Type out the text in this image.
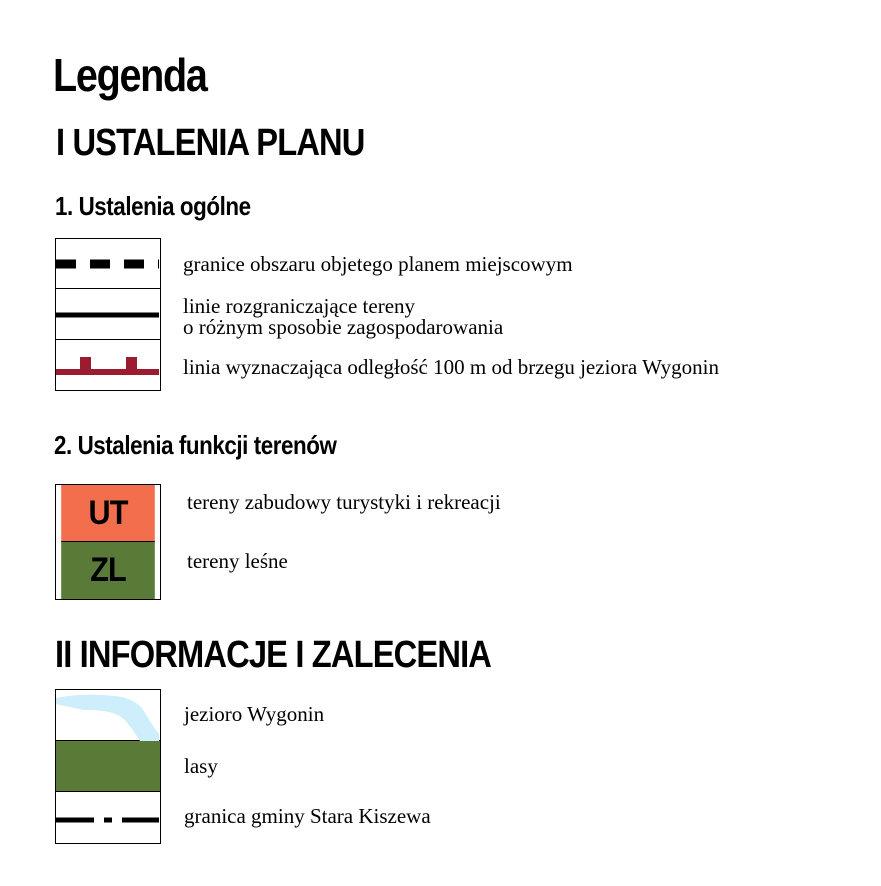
Legenda
I USTALENIA PLANU
1. Ustalenia ogólne
granice obszaru objetego planem miejscowym
linie rozgraniczające tereny
o różnym sposobie zagospodarowania
linia wyznaczająca odległość 100 m od brzegu jeziora Wygonin
2. Ustalenia funkcji terenów
UT
ZL
tereny zabudowy turystyki i rekreacji
tereny leśne
II INFORMACJE I ZALECENIA
jezioro Wygonin
lasy
granica gminy Stara Kiszewa
